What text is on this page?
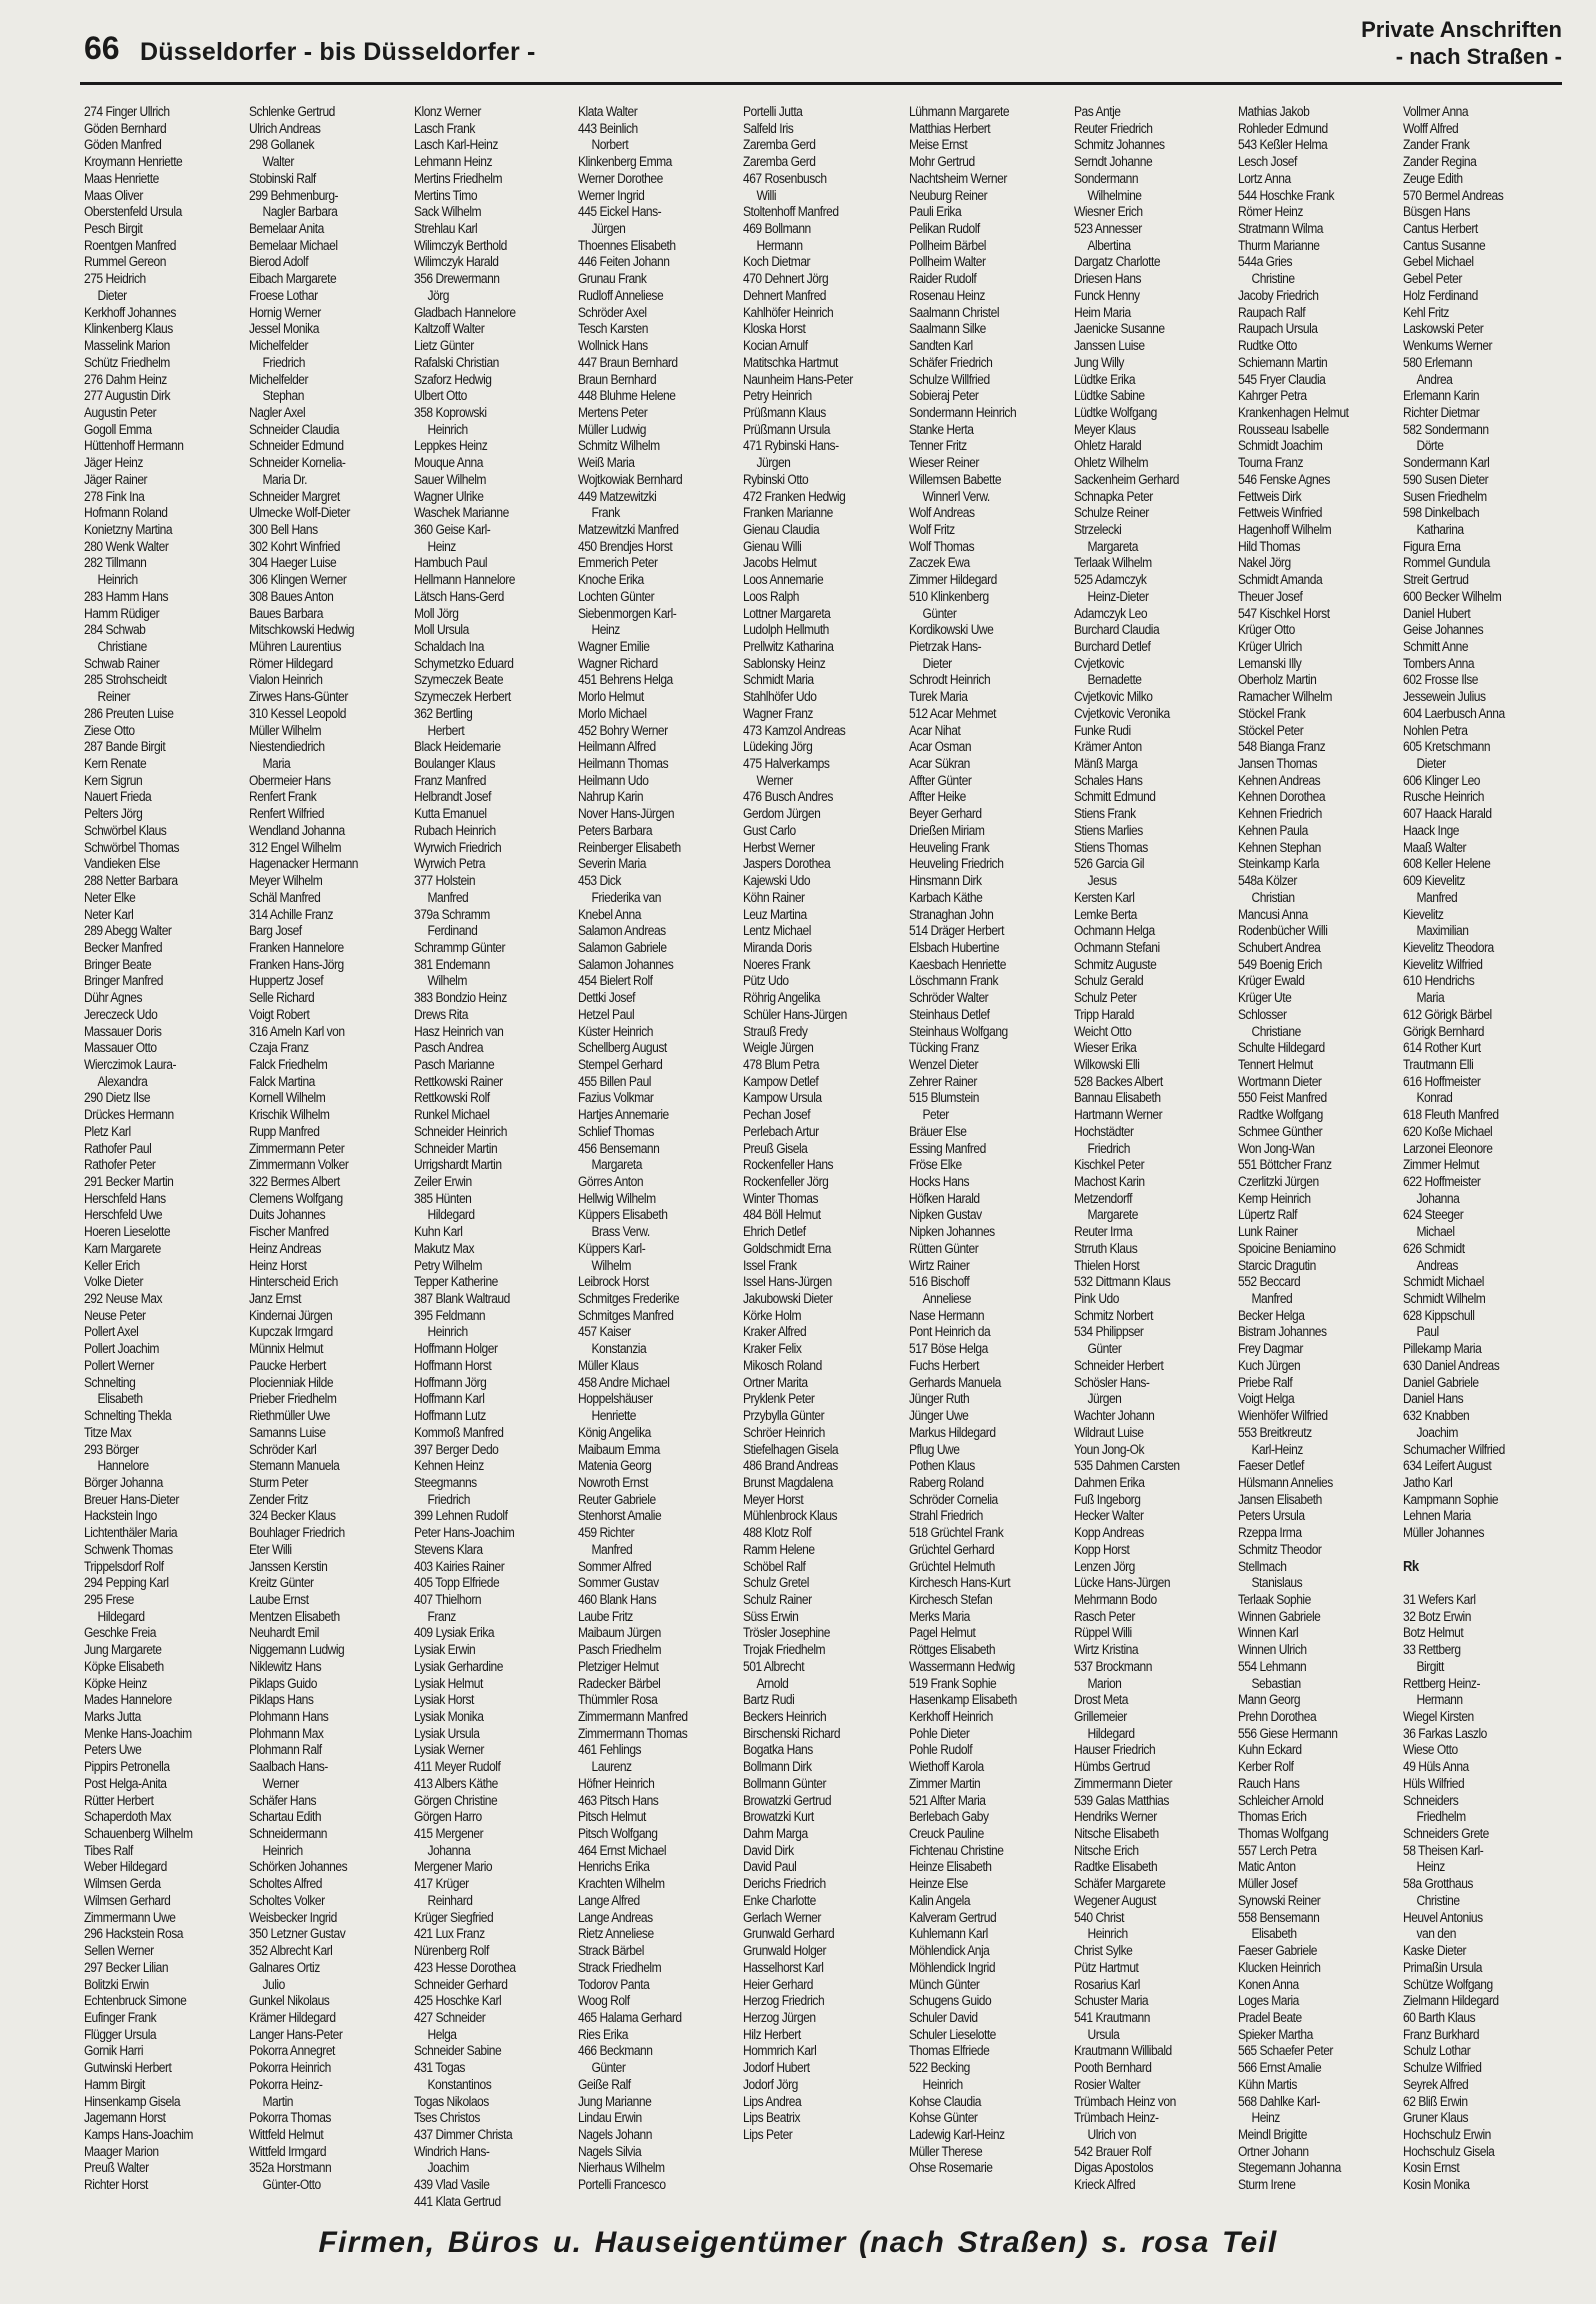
66 Düsseldorfer - bis Düsseldorfer -
Private Anschriften
- nach Straßen -

274 Finger Ullrich

Göden Bernhard

Göden Manfred

Kroymann Henriette

Maas Henriette

Maas Oliver

Oberstenfeld Ursula

Pesch Birgit

Roentgen Manfred

Rummel Gereon

275 Heidrich

Dieter

Kerkhoff Johannes

Klinkenberg Klaus

Masselink Marion

Schütz Friedhelm

276 Dahm Heinz

277 Augustin Dirk

Augustin Peter

Gogoll Emma

Hüttenhoff Hermann

Jäger Heinz

Jäger Rainer

278 Fink Ina

Hofmann Roland

Konietzny Martina

280 Wenk Walter

282 Tillmann

Heinrich

283 Hamm Hans

Hamm Rüdiger

284 Schwab

Christiane

Schwab Rainer

285 Strohscheidt

Reiner

286 Preuten Luise

Ziese Otto

287 Bande Birgit

Kern Renate

Kern Sigrun

Nauert Frieda

Pelters Jörg

Schwörbel Klaus

Schwörbel Thomas

Vandieken Else

288 Netter Barbara

Neter Elke

Neter Karl

289 Abegg Walter

Becker Manfred

Bringer Beate

Bringer Manfred

Dühr Agnes

Jereczeck Udo

Massauer Doris

Massauer Otto

Wierczimok Laura-

Alexandra

290 Dietz Ilse

Drückes Hermann

Pletz Karl

Rathofer Paul

Rathofer Peter

291 Becker Martin

Herschfeld Hans

Herschfeld Uwe

Hoeren Lieselotte

Karn Margarete

Keller Erich

Volke Dieter

292 Neuse Max

Neuse Peter

Pollert Axel

Pollert Joachim

Pollert Werner

Schnelting

Elisabeth

Schnelting Thekla

Titze Max

293 Börger

Hannelore

Börger Johanna

Breuer Hans-Dieter

Hackstein Ingo

Lichtenthäler Maria

Schwenk Thomas

Trippelsdorf Rolf

294 Pepping Karl

295 Frese

Hildegard

Geschke Freia

Jung Margarete

Köpke Elisabeth

Köpke Heinz

Mades Hannelore

Marks Jutta

Menke Hans-Joachim

Peters Uwe

Pippirs Petronella

Post Helga-Anita

Rütter Herbert

Schaperdoth Max

Schauenberg Wilhelm

Tibes Ralf

Weber Hildegard

Wilmsen Gerda

Wilmsen Gerhard

Zimmermann Uwe

296 Hackstein Rosa

Sellen Werner

297 Becker Lilian

Bolitzki Erwin

Echtenbruck Simone

Eufinger Frank

Flügger Ursula

Gornik Harri

Gutwinski Herbert

Hamm Birgit

Hinsenkamp Gisela

Jagemann Horst

Kamps Hans-Joachim

Maager Marion

Preuß Walter

Richter Horst

Schlenke Gertrud

Ulrich Andreas

298 Gollanek

Walter

Stobinski Ralf

299 Behmenburg-

Nagler Barbara

Bemelaar Anita

Bemelaar Michael

Bierod Adolf

Eibach Margarete

Froese Lothar

Hornig Werner

Jessel Monika

Michelfelder

Friedrich

Michelfelder

Stephan

Nagler Axel

Schneider Claudia

Schneider Edmund

Schneider Kornelia-

Maria Dr.

Schneider Margret

Ulmecke Wolf-Dieter

300 Bell Hans

302 Kohrt Winfried

304 Haeger Luise

306 Klingen Werner

308 Baues Anton

Baues Barbara

Mitschkowski Hedwig

Mühren Laurentius

Römer Hildegard

Vialon Heinrich

Zirwes Hans-Günter

310 Kessel Leopold

Müller Wilhelm

Niestendiedrich

Maria

Obermeier Hans

Renfert Frank

Renfert Wilfried

Wendland Johanna

312 Engel Wilhelm

Hagenacker Hermann

Meyer Wilhelm

Schäl Manfred

314 Achille Franz

Barg Josef

Franken Hannelore

Franken Hans-Jörg

Huppertz Josef

Selle Richard

Voigt Robert

316 Ameln Karl von

Czaja Franz

Falck Friedhelm

Falck Martina

Kornell Wilhelm

Krischik Wilhelm

Rupp Manfred

Zimmermann Peter

Zimmermann Volker

322 Bermes Albert

Clemens Wolfgang

Duits Johannes

Fischer Manfred

Heinz Andreas

Heinz Horst

Hinterscheid Erich

Janz Ernst

Kindernai Jürgen

Kupczak Irmgard

Münnix Helmut

Paucke Herbert

Plocienniak Hilde

Prieber Friedhelm

Riethmüller Uwe

Samanns Luise

Schröder Karl

Stemann Manuela

Sturm Peter

Zender Fritz

324 Becker Klaus

Bouhlager Friedrich

Eter Willi

Janssen Kerstin

Kreitz Günter

Laube Ernst

Mentzen Elisabeth

Neuhardt Emil

Niggemann Ludwig

Niklewitz Hans

Piklaps Guido

Piklaps Hans

Plohmann Hans

Plohmann Max

Plohmann Ralf

Saalbach Hans-

Werner

Schäfer Hans

Schartau Edith

Schneidermann

Heinrich

Schörken Johannes

Scholtes Alfred

Scholtes Volker

Weisbecker Ingrid

350 Letzner Gustav

352 Albrecht Karl

Galnares Ortiz

Julio

Gunkel Nikolaus

Krämer Hildegard

Langer Hans-Peter

Pokorra Annegret

Pokorra Heinrich

Pokorra Heinz-

Martin

Pokorra Thomas

Wittfeld Helmut

Wittfeld Irmgard

352a Horstmann

Günter-Otto

Klonz Werner

Lasch Frank

Lasch Karl-Heinz

Lehmann Heinz

Mertins Friedhelm

Mertins Timo

Sack Wilhelm

Strehlau Karl

Wilimczyk Berthold

Wilimczyk Harald

356 Drewermann

Jörg

Gladbach Hannelore

Kaltzoff Walter

Lietz Günter

Rafalski Christian

Szaforz Hedwig

Ulbert Otto

358 Koprowski

Heinrich

Leppkes Heinz

Mouque Anna

Sauer Wilhelm

Wagner Ulrike

Waschek Marianne

360 Geise Karl-

Heinz

Hambuch Paul

Hellmann Hannelore

Lätsch Hans-Gerd

Moll Jörg

Moll Ursula

Schaldach Ina

Schymetzko Eduard

Szymeczek Beate

Szymeczek Herbert

362 Bertling

Herbert

Black Heidemarie

Boulanger Klaus

Franz Manfred

Helbrandt Josef

Kutta Emanuel

Rubach Heinrich

Wyrwich Friedrich

Wyrwich Petra

377 Holstein

Manfred

379a Schramm

Ferdinand

Schrammp Günter

381 Endemann

Wilhelm

383 Bondzio Heinz

Drews Rita

Hasz Heinrich van

Pasch Andrea

Pasch Marianne

Rettkowski Rainer

Rettkowski Rolf

Runkel Michael

Schneider Heinrich

Schneider Martin

Urrigshardt Martin

Zeiler Erwin

385 Hünten

Hildegard

Kuhn Karl

Makutz Max

Petry Wilhelm

Tepper Katherine

387 Blank Waltraud

395 Feldmann

Heinrich

Hoffmann Holger

Hoffmann Horst

Hoffmann Jörg

Hoffmann Karl

Hoffmann Lutz

Kommoß Manfred

397 Berger Dedo

Kehnen Heinz

Steegmanns

Friedrich

399 Lehnen Rudolf

Peter Hans-Joachim

Stevens Klara

403 Kairies Rainer

405 Topp Elfriede

407 Thielhorn

Franz

409 Lysiak Erika

Lysiak Erwin

Lysiak Gerhardine

Lysiak Helmut

Lysiak Horst

Lysiak Monika

Lysiak Ursula

Lysiak Werner

411 Meyer Rudolf

413 Albers Käthe

Görgen Christine

Görgen Harro

415 Mergener

Johanna

Mergener Mario

417 Krüger

Reinhard

Krüger Siegfried

421 Lux Franz

Nürenberg Rolf

423 Hesse Dorothea

Schneider Gerhard

425 Hoschke Karl

427 Schneider

Helga

Schneider Sabine

431 Togas

Konstantinos

Togas Nikolaos

Tses Christos

437 Dimmer Christa

Windrich Hans-

Joachim

439 Vlad Vasile

441 Klata Gertrud

Klata Walter

443 Beinlich

Norbert

Klinkenberg Emma

Werner Dorothee

Werner Ingrid

445 Eickel Hans-

Jürgen

Thoennes Elisabeth

446 Feiten Johann

Grunau Frank

Rudloff Anneliese

Schröder Axel

Tesch Karsten

Wollnick Hans

447 Braun Bernhard

Braun Bernhard

448 Bluhme Helene

Mertens Peter

Müller Ludwig

Schmitz Wilhelm

Weiß Maria

Wojtkowiak Bernhard

449 Matzewitzki

Frank

Matzewitzki Manfred

450 Brendjes Horst

Emmerich Peter

Knoche Erika

Lochten Günter

Siebenmorgen Karl-

Heinz

Wagner Emilie

Wagner Richard

451 Behrens Helga

Morlo Helmut

Morlo Michael

452 Bohry Werner

Heilmann Alfred

Heilmann Thomas

Heilmann Udo

Nahrup Karin

Nover Hans-Jürgen

Peters Barbara

Reinberger Elisabeth

Severin Maria

453 Dick

Friederika van

Knebel Anna

Salamon Andreas

Salamon Gabriele

Salamon Johannes

454 Bielert Rolf

Dettki Josef

Hetzel Paul

Küster Heinrich

Schellberg August

Stempel Gerhard

455 Billen Paul

Fazius Volkmar

Hartjes Annemarie

Schlief Thomas

456 Bensemann

Margareta

Görres Anton

Hellwig Wilhelm

Küppers Elisabeth

Brass Verw.

Küppers Karl-

Wilhelm

Leibrock Horst

Schmitges Frederike

Schmitges Manfred

457 Kaiser

Konstanzia

Müller Klaus

458 Andre Michael

Hoppelshäuser

Henriette

König Angelika

Maibaum Emma

Matenia Georg

Nowroth Ernst

Reuter Gabriele

Stenhorst Amalie

459 Richter

Manfred

Sommer Alfred

Sommer Gustav

460 Blank Hans

Laube Fritz

Maibaum Jürgen

Pasch Friedhelm

Pletziger Helmut

Radecker Bärbel

Thümmler Rosa

Zimmermann Manfred

Zimmermann Thomas

461 Fehlings

Laurenz

Höfner Heinrich

463 Pitsch Hans

Pitsch Helmut

Pitsch Wolfgang

464 Ernst Michael

Henrichs Erika

Krachten Wilhelm

Lange Alfred

Lange Andreas

Rietz Anneliese

Strack Bärbel

Strack Friedhelm

Todorov Panta

Woog Rolf

465 Halama Gerhard

Ries Erika

466 Beckmann

Günter

Geiße Ralf

Jung Marianne

Lindau Erwin

Nagels Johann

Nagels Silvia

Nierhaus Wilhelm

Portelli Francesco

Portelli Jutta

Salfeld Iris

Zaremba Gerd

Zaremba Gerd

467 Rosenbusch

Willi

Stoltenhoff Manfred

469 Bollmann

Hermann

Koch Dietmar

470 Dehnert Jörg

Dehnert Manfred

Kahlhöfer Heinrich

Kloska Horst

Kocian Arnulf

Matitschka Hartmut

Naunheim Hans-Peter

Petry Heinrich

Prüßmann Klaus

Prüßmann Ursula

471 Rybinski Hans-

Jürgen

Rybinski Otto

472 Franken Hedwig

Franken Marianne

Gienau Claudia

Gienau Willi

Jacobs Helmut

Loos Annemarie

Loos Ralph

Lottner Margareta

Ludolph Hellmuth

Prellwitz Katharina

Sablonsky Heinz

Schmidt Maria

Stahlhöfer Udo

Wagner Franz

473 Kamzol Andreas

Lüdeking Jörg

475 Halverkamps

Werner

476 Busch Andres

Gerdom Jürgen

Gust Carlo

Herbst Werner

Jaspers Dorothea

Kajewski Udo

Köhn Rainer

Leuz Martina

Lentz Michael

Miranda Doris

Noeres Frank

Pütz Udo

Röhrig Angelika

Schüler Hans-Jürgen

Strauß Fredy

Weigle Jürgen

478 Blum Petra

Kampow Detlef

Kampow Ursula

Pechan Josef

Perlebach Artur

Preuß Gisela

Rockenfeller Hans

Rockenfeller Jörg

Winter Thomas

484 Böll Helmut

Ehrich Detlef

Goldschmidt Erna

Issel Frank

Issel Hans-Jürgen

Jakubowski Dieter

Körke Holm

Kraker Alfred

Kraker Felix

Mikosch Roland

Ortner Marita

Pryklenk Peter

Przybylla Günter

Schröer Heinrich

Stiefelhagen Gisela

486 Brand Andreas

Brunst Magdalena

Meyer Horst

Mühlenbrock Klaus

488 Klotz Rolf

Ramm Helene

Schöbel Ralf

Schulz Gretel

Schulz Rainer

Süss Erwin

Trösler Josephine

Trojak Friedhelm

501 Albrecht

Arnold

Bartz Rudi

Beckers Heinrich

Birschenski Richard

Bogatka Hans

Bollmann Dirk

Bollmann Günter

Browatzki Gertrud

Browatzki Kurt

Dahm Marga

David Dirk

David Paul

Derichs Friedrich

Enke Charlotte

Gerlach Werner

Grunwald Gerhard

Grunwald Holger

Hasselhorst Karl

Heier Gerhard

Herzog Friedrich

Herzog Jürgen

Hilz Herbert

Hommrich Karl

Jodorf Hubert

Jodorf Jörg

Lips Andrea

Lips Beatrix

Lips Peter

Lühmann Margarete

Matthias Herbert

Meise Ernst

Mohr Gertrud

Nachtsheim Werner

Neuburg Reiner

Pauli Erika

Pelikan Rudolf

Pollheim Bärbel

Pollheim Walter

Raider Rudolf

Rosenau Heinz

Saalmann Christel

Saalmann Silke

Sandten Karl

Schäfer Friedrich

Schulze Willfried

Sobieraj Peter

Sondermann Heinrich

Stanke Herta

Tenner Fritz

Wieser Reiner

Willemsen Babette

Winnerl Verw.

Wolf Andreas

Wolf Fritz

Wolf Thomas

Zaczek Ewa

Zimmer Hildegard

510 Klinkenberg

Günter

Kordikowski Uwe

Pietrzak Hans-

Dieter

Schrodt Heinrich

Turek Maria

512 Acar Mehmet

Acar Nihat

Acar Osman

Acar Sükran

Affter Günter

Affter Heike

Beyer Gerhard

Drießen Miriam

Heuveling Frank

Heuveling Friedrich

Hinsmann Dirk

Karbach Käthe

Stranaghan John

514 Dräger Herbert

Elsbach Hubertine

Kaesbach Henriette

Löschmann Frank

Schröder Walter

Steinhaus Detlef

Steinhaus Wolfgang

Tücking Franz

Wenzel Dieter

Zehrer Rainer

515 Blumstein

Peter

Bräuer Else

Essing Manfred

Fröse Elke

Hocks Hans

Höfken Harald

Nipken Gustav

Nipken Johannes

Rütten Günter

Wirtz Rainer

516 Bischoff

Anneliese

Nase Hermann

Pont Heinrich da

517 Böse Helga

Fuchs Herbert

Gerhards Manuela

Jünger Ruth

Jünger Uwe

Markus Hildegard

Pflug Uwe

Pothen Klaus

Raberg Roland

Schröder Cornelia

Strahl Friedrich

518 Grüchtel Frank

Grüchtel Gerhard

Grüchtel Helmuth

Kirchesch Hans-Kurt

Kirchesch Stefan

Merks Maria

Pagel Helmut

Röttges Elisabeth

Wassermann Hedwig

519 Frank Sophie

Hasenkamp Elisabeth

Kerkhoff Heinrich

Pohle Dieter

Pohle Rudolf

Wiethoff Karola

Zimmer Martin

521 Alfter Maria

Berlebach Gaby

Creuck Pauline

Fichtenau Christine

Heinze Elisabeth

Heinze Else

Kalin Angela

Kalveram Gertrud

Kuhlemann Karl

Möhlendick Anja

Möhlendick Ingrid

Münch Günter

Schugens Guido

Schuler David

Schuler Lieselotte

Thomas Elfriede

522 Becking

Heinrich

Kohse Claudia

Kohse Günter

Ladewig Karl-Heinz

Müller Therese

Ohse Rosemarie

Pas Antje

Reuter Friedrich

Schmitz Johannes

Serndt Johanne

Sondermann

Wilhelmine

Wiesner Erich

523 Annesser

Albertina

Dargatz Charlotte

Driesen Hans

Funck Henny

Heim Maria

Jaenicke Susanne

Janssen Luise

Jung Willy

Lüdtke Erika

Lüdtke Sabine

Lüdtke Wolfgang

Meyer Klaus

Ohletz Harald

Ohletz Wilhelm

Sackenheim Gerhard

Schnapka Peter

Schulze Reiner

Strzelecki

Margareta

Terlaak Wilhelm

525 Adamczyk

Heinz-Dieter

Adamczyk Leo

Burchard Claudia

Burchard Detlef

Cvjetkovic

Bernadette

Cvjetkovic Milko

Cvjetkovic Veronika

Funke Rudi

Krämer Anton

Mänß Marga

Schales Hans

Schmitt Edmund

Stiens Frank

Stiens Marlies

Stiens Thomas

526 Garcia Gil

Jesus

Kersten Karl

Lemke Berta

Ochmann Helga

Ochmann Stefani

Schmitz Auguste

Schulz Gerald

Schulz Peter

Tripp Harald

Weicht Otto

Wieser Erika

Wilkowski Elli

528 Backes Albert

Bannau Elisabeth

Hartmann Werner

Hochstädter

Friedrich

Kischkel Peter

Machost Karin

Metzendorff

Margarete

Reuter Irma

Strruth Klaus

Thielen Horst

532 Dittmann Klaus

Pink Udo

Schmitz Norbert

534 Philippser

Günter

Schneider Herbert

Schösler Hans-

Jürgen

Wachter Johann

Wildraut Luise

Youn Jong-Ok

535 Dahmen Carsten

Dahmen Erika

Fuß Ingeborg

Hecker Walter

Kopp Andreas

Kopp Horst

Lenzen Jörg

Lücke Hans-Jürgen

Mehrmann Bodo

Rasch Peter

Rüppel Willi

Wirtz Kristina

537 Brockmann

Marion

Drost Meta

Grillemeier

Hildegard

Hauser Friedrich

Hümbs Gertrud

Zimmermann Dieter

539 Galas Matthias

Hendriks Werner

Nitsche Elisabeth

Nitsche Erich

Radtke Elisabeth

Schäfer Margarete

Wegener August

540 Christ

Heinrich

Christ Sylke

Pütz Hartmut

Rosarius Karl

Schuster Maria

541 Krautmann

Ursula

Krautmann Willibald

Pooth Bernhard

Rosier Walter

Trümbach Heinz von

Trümbach Heinz-

Ulrich von

542 Brauer Rolf

Digas Apostolos

Krieck Alfred

Mathias Jakob

Rohleder Edmund

543 Keßler Helma

Lesch Josef

Lortz Anna

544 Hoschke Frank

Römer Heinz

Stratmann Wilma

Thurm Marianne

544a Gries

Christine

Jacoby Friedrich

Raupach Ralf

Raupach Ursula

Rudtke Otto

Schiemann Martin

545 Fryer Claudia

Kahrger Petra

Krankenhagen Helmut

Rousseau Isabelle

Schmidt Joachim

Tourna Franz

546 Fenske Agnes

Fettweis Dirk

Fettweis Winfried

Hagenhoff Wilhelm

Hild Thomas

Nakel Jörg

Schmidt Amanda

Theuer Josef

547 Kischkel Horst

Krüger Otto

Krüger Ulrich

Lemanski Illy

Oberholz Martin

Ramacher Wilhelm

Stöckel Frank

Stöckel Peter

548 Bianga Franz

Jansen Thomas

Kehnen Andreas

Kehnen Dorothea

Kehnen Friedrich

Kehnen Paula

Kehnen Stephan

Steinkamp Karla

548a Kölzer

Christian

Mancusi Anna

Rodenbücher Willi

Schubert Andrea

549 Boenig Erich

Krüger Ewald

Krüger Ute

Schlosser

Christiane

Schulte Hildegard

Tennert Helmut

Wortmann Dieter

550 Feist Manfred

Radtke Wolfgang

Schmee Günther

Won Jong-Wan

551 Böttcher Franz

Czerlitzki Jürgen

Kemp Heinrich

Lüpertz Ralf

Lunk Rainer

Spoicine Beniamino

Starcic Dragutin

552 Beccard

Manfred

Becker Helga

Bistram Johannes

Frey Dagmar

Kuch Jürgen

Priebe Ralf

Voigt Helga

Wienhöfer Wilfried

553 Breitkreutz

Karl-Heinz

Faeser Detlef

Hülsmann Annelies

Jansen Elisabeth

Peters Ursula

Rzeppa Irma

Schmitz Theodor

Stellmach

Stanislaus

Terlaak Sophie

Winnen Gabriele

Winnen Karl

Winnen Ulrich

554 Lehmann

Sebastian

Mann Georg

Prehn Dorothea

556 Giese Hermann

Kuhn Eckard

Kerber Rolf

Rauch Hans

Schleicher Arnold

Thomas Erich

Thomas Wolfgang

557 Lerch Petra

Matic Anton

Müller Josef

Synowski Reiner

558 Bensemann

Elisabeth

Faeser Gabriele

Klucken Heinrich

Konen Anna

Loges Maria

Pradel Beate

Spieker Martha

565 Schaefer Peter

566 Ernst Amalie

Kühn Martis

568 Dahlke Karl-

Heinz

Meindl Brigitte

Ortner Johann

Stegemann Johanna

Sturm Irene

Vollmer Anna

Wolff Alfred

Zander Frank

Zander Regina

Zeuge Edith

570 Bermel Andreas

Büsgen Hans

Cantus Herbert

Cantus Susanne

Gebel Michael

Gebel Peter

Holz Ferdinand

Kehl Fritz

Laskowski Peter

Wenkums Werner

580 Erlemann

Andrea

Erlemann Karin

Richter Dietmar

582 Sondermann

Dörte

Sondermann Karl

590 Susen Dieter

Susen Friedhelm

598 Dinkelbach

Katharina

Figura Erna

Rommel Gundula

Streit Gertrud

600 Becker Wilhelm

Daniel Hubert

Geise Johannes

Schmitt Anne

Tombers Anna

602 Frosse Ilse

Jessewein Julius

604 Laerbusch Anna

Nohlen Petra

605 Kretschmann

Dieter

606 Klinger Leo

Rusche Heinrich

607 Haack Harald

Haack Inge

Maaß Walter

608 Keller Helene

609 Kievelitz

Manfred

Kievelitz

Maximilian

Kievelitz Theodora

Kievelitz Wilfried

610 Hendrichs

Maria

612 Görigk Bärbel

Görigk Bernhard

614 Rother Kurt

Trautmann Elli

616 Hoffmeister

Konrad

618 Fleuth Manfred

620 Koße Michael

Larzonei Eleonore

Zimmer Helmut

622 Hoffmeister

Johanna

624 Steeger

Michael

626 Schmidt

Andreas

Schmidt Michael

Schmidt Wilhelm

628 Kippschull

Paul

Pillekamp Maria

630 Daniel Andreas

Daniel Gabriele

Daniel Hans

632 Knabben

Joachim

Schumacher Wilfried

634 Leifert August

Jatho Karl

Kampmann Sophie

Lehnen Maria

Müller Johannes

Rk

31 Wefers Karl

32 Botz Erwin

Botz Helmut

33 Rettberg

Birgitt

Rettberg Heinz-

Hermann

Wiegel Kirsten

36 Farkas Laszlo

Wiese Otto

49 Hüls Anna

Hüls Wilfried

Schneiders

Friedhelm

Schneiders Grete

58 Theisen Karl-

Heinz

58a Grotthaus

Christine

Heuvel Antonius

van den

Kaske Dieter

Primaßin Ursula

Schütze Wolfgang

Zielmann Hildegard

60 Barth Klaus

Franz Burkhard

Schulz Lothar

Schulze Wilfried

Seyrek Alfred

62 Bliß Erwin

Gruner Klaus

Hochschulz Erwin

Hochschulz Gisela

Kosin Ernst

Kosin Monika

Firmen, Büros u. Hauseigentümer (nach Straßen) s. rosa Teil
